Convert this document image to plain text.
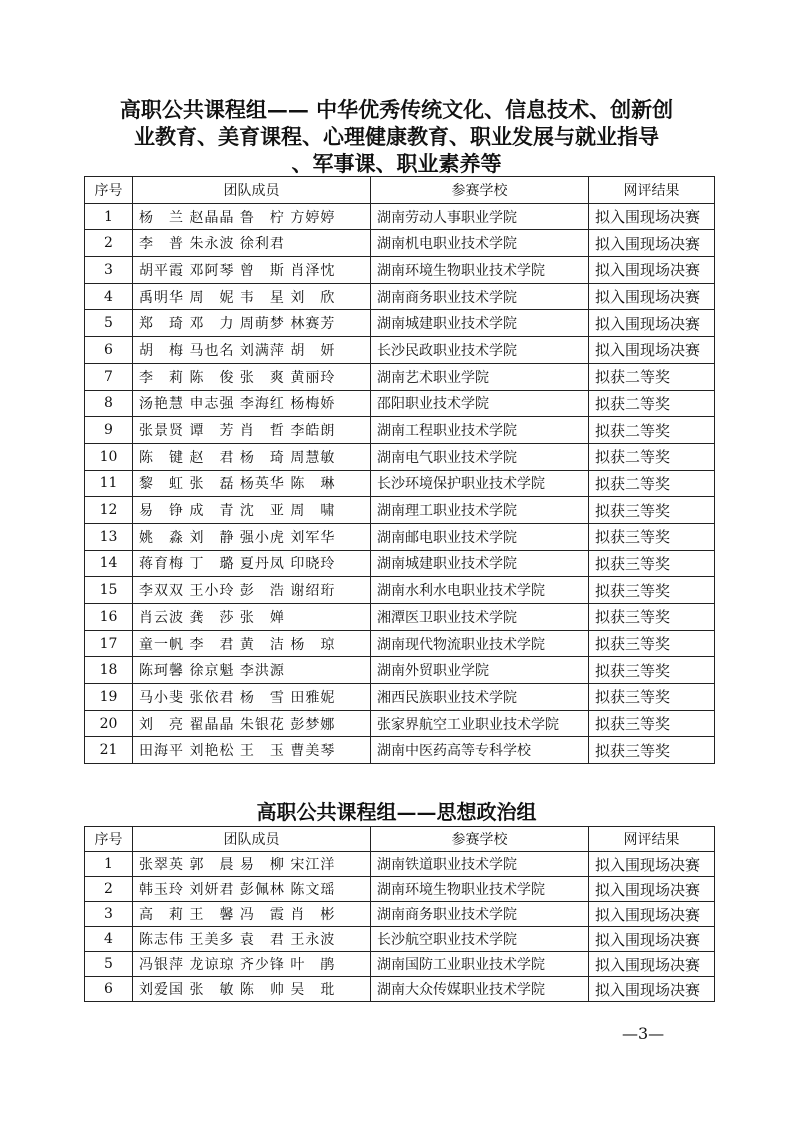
高职公共课程组—— 中华优秀传统文化、信息技术、创新创
业教育、美育课程、心理健康教育、职业发展与就业指导
、军事课、职业素养等
序号	团队成员	参赛学校	网评结果
1	杨　兰 赵晶晶 鲁　柠 方婷婷	湖南劳动人事职业学院	拟入围现场决赛
2	李　普 朱永波 徐利君	湖南机电职业技术学院	拟入围现场决赛
3	胡平霞 邓阿琴 曾　斯 肖泽忱	湖南环境生物职业技术学院	拟入围现场决赛
4	禹明华 周　妮 韦　星 刘　欣	湖南商务职业技术学院	拟入围现场决赛
5	郑　琦 邓　力 周萌梦 林赛芳	湖南城建职业技术学院	拟入围现场决赛
6	胡　梅 马也名 刘满萍 胡　妍	长沙民政职业技术学院	拟入围现场决赛
7	李　莉 陈　俊 张　爽 黄丽玲	湖南艺术职业学院	拟获二等奖
8	汤艳慧 申志强 李海红 杨梅娇	邵阳职业技术学院	拟获二等奖
9	张景贤 谭　芳 肖　哲 李皓朗	湖南工程职业技术学院	拟获二等奖
10	陈　键 赵　君 杨　琦 周慧敏	湖南电气职业技术学院	拟获二等奖
11	黎　虹 张　磊 杨英华 陈　琳	长沙环境保护职业技术学院	拟获二等奖
12	易　铮 成　青 沈　亚 周　啸	湖南理工职业技术学院	拟获三等奖
13	姚　淼 刘　静 强小虎 刘军华	湖南邮电职业技术学院	拟获三等奖
14	蒋育梅 丁　璐 夏丹凤 印晓玲	湖南城建职业技术学院	拟获三等奖
15	李双双 王小玲 彭　浩 谢绍珩	湖南水利水电职业技术学院	拟获三等奖
16	肖云波 龚　莎 张　婵	湘潭医卫职业技术学院	拟获三等奖
17	童一帆 李　君 黄　洁 杨　琼	湖南现代物流职业技术学院	拟获三等奖
18	陈珂馨 徐京魁 李洪源	湖南外贸职业学院	拟获三等奖
19	马小斐 张依君 杨　雪 田雅妮	湘西民族职业技术学院	拟获三等奖
20	刘　亮 翟晶晶 朱银花 彭梦娜	张家界航空工业职业技术学院	拟获三等奖
21	田海平 刘艳松 王　玉 曹美琴	湖南中医药高等专科学校	拟获三等奖
高职公共课程组——思想政治组
序号	团队成员	参赛学校	网评结果
1	张翠英 郭　晨 易　柳 宋江洋	湖南铁道职业技术学院	拟入围现场决赛
2	韩玉玲 刘妍君 彭佩林 陈文瑶	湖南环境生物职业技术学院	拟入围现场决赛
3	高　莉 王　馨 冯　霞 肖　彬	湖南商务职业技术学院	拟入围现场决赛
4	陈志伟 王美多 袁　君 王永波	长沙航空职业技术学院	拟入围现场决赛
5	冯银萍 龙谅琼 齐少锋 叶　鹃	湖南国防工业职业技术学院	拟入围现场决赛
6	刘爱国 张　敏 陈　帅 吴　玭	湖南大众传媒职业技术学院	拟入围现场决赛
—3—
